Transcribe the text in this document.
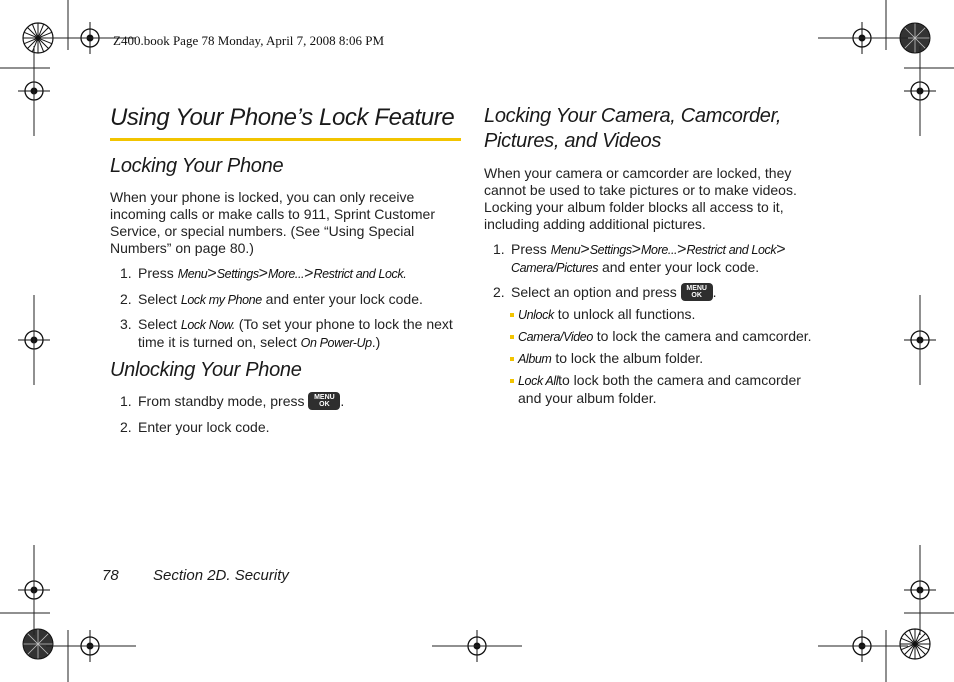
Z400.book Page 78 Monday, April 7, 2008 8:06 PM
Using Your Phone’s Lock Feature
Locking Your Phone

When your phone is locked, you can only receive
incoming calls or make calls to 911, Sprint Customer
Service, or special numbers. (See “Using Special
Numbers” on page 80.)

1. Press Menu>Settings>More...>Restrict and Lock.
2. Select Lock my Phone and enter your lock code.
3. Select Lock Now. (To set your phone to lock the next
time it is turned on, select On Power-Up.)
Unlocking Your Phone
1. From standby mode, press	MENU
OK .
2. Enter your lock code.
Locking Your Camera, Camcorder,
Pictures, and Videos

When your camera or camcorder are locked, they
cannot be used to take pictures or to make videos.
Locking your album folder blocks all access to it,
including adding additional pictures.

1. Press Menu>Settings>More...>Restrict and Lock>
Camera/Pictures and enter your lock code.
2. Select an option and press	MENU
OK .
Unlock to unlock all functions.
Camera/Video to lock the camera and camcorder.
Album to lock the album folder.
Lock Allto lock both the camera and camcorder
and your album folder.
78 Section 2D. Security
